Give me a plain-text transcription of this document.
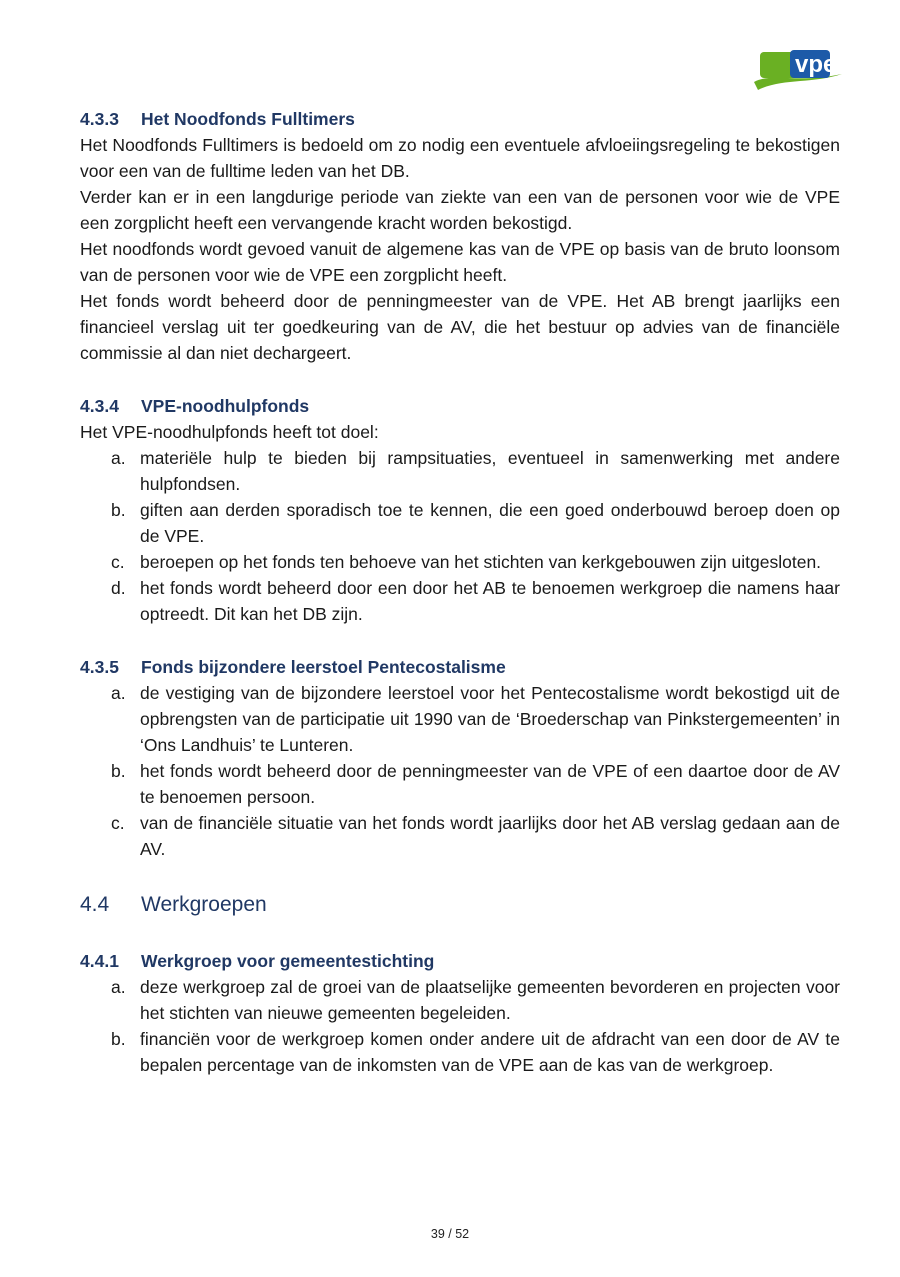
vpe
4.3.3 Het Noodfonds Fulltimers

Het Noodfonds Fulltimers is bedoeld om zo nodig een eventuele afvloeiingsregeling te bekostigen voor een van de fulltime leden van het DB.

Verder kan er in een langdurige periode van ziekte van een van de personen voor wie de VPE een zorgplicht heeft een vervangende kracht worden bekostigd.

Het noodfonds wordt gevoed vanuit de algemene kas van de VPE op basis van de bruto loonsom van de personen voor wie de VPE een zorgplicht heeft.

Het fonds wordt beheerd door de penningmeester van de VPE. Het AB brengt jaarlijks een financieel verslag uit ter goedkeuring van de AV, die het bestuur op advies van de financiële commissie al dan niet dechargeert.

4.3.4 VPE-noodhulpfonds

Het VPE-noodhulpfonds heeft tot doel:

a. materiële hulp te bieden bij rampsituaties, eventueel in samenwerking met andere hulpfondsen.
b. giften aan derden sporadisch toe te kennen, die een goed onderbouwd beroep doen op de VPE.
c. beroepen op het fonds ten behoeve van het stichten van kerkgebouwen zijn uitgesloten.
d. het fonds wordt beheerd door een door het AB te benoemen werkgroep die namens haar optreedt. Dit kan het DB zijn.
4.3.5 Fonds bijzondere leerstoel Pentecostalisme
a. de vestiging van de bijzondere leerstoel voor het Pentecostalisme wordt bekostigd uit de opbrengsten van de participatie uit 1990 van de ‘Broederschap van Pinkstergemeenten’ in ‘Ons Landhuis’ te Lunteren.
b. het fonds wordt beheerd door de penningmeester van de VPE of een daartoe door de AV te benoemen persoon.
c. van de financiële situatie van het fonds wordt jaarlijks door het AB verslag gedaan aan de AV.
4.4 Werkgroepen
4.4.1 Werkgroep voor gemeentestichting
a. deze werkgroep zal de groei van de plaatselijke gemeenten bevorderen en projecten voor het stichten van nieuwe gemeenten begeleiden.
b. financiën voor de werkgroep komen onder andere uit de afdracht van een door de AV te bepalen percentage van de inkomsten van de VPE aan de kas van de werkgroep.
39 / 52
